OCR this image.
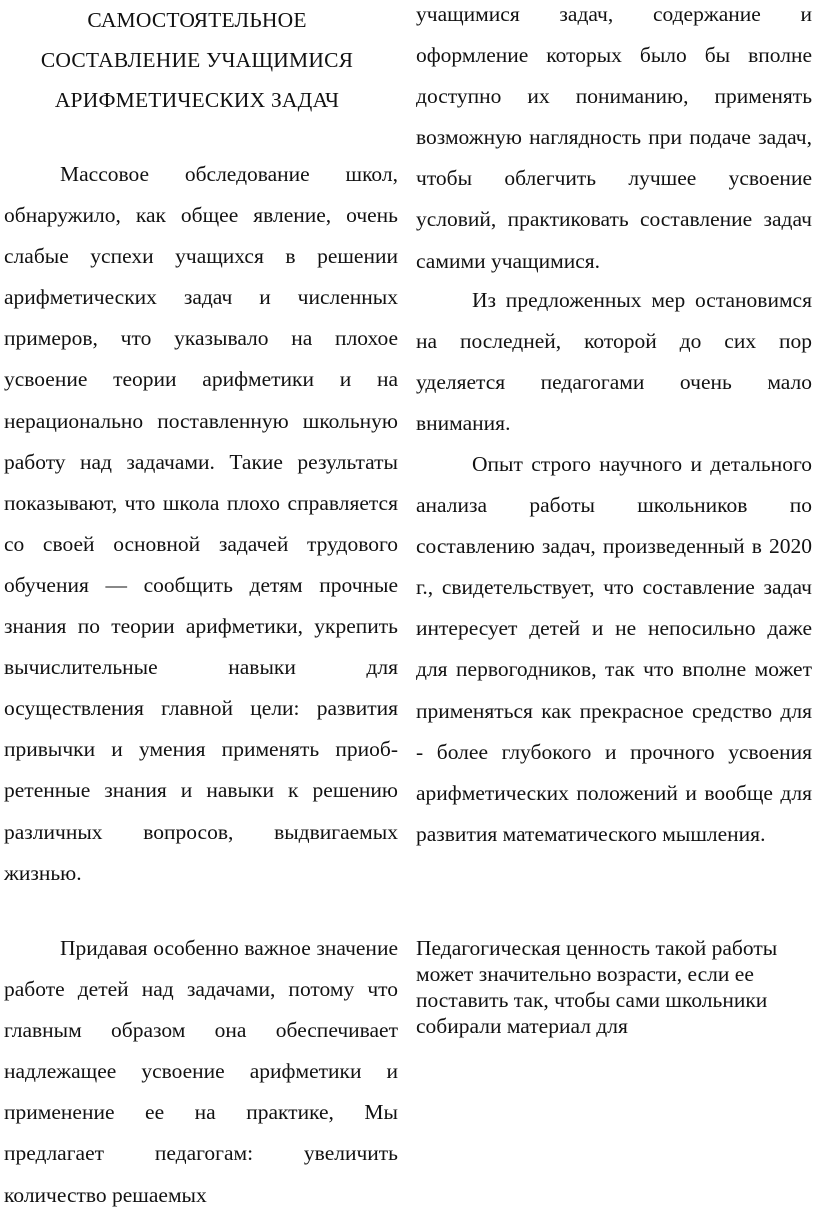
САМОСТОЯТЕЛЬНОЕ

СОСТАВЛЕНИЕ УЧАЩИМИСЯ

АРИФМЕТИЧЕСКИХ ЗАДАЧ

Массовое обследование школ, обнаружило, как общее явление, очень слабые успехи учащихся в решении арифметических задач и численных примеров, что указывало на плохое усвоение теории арифметики и на нерационально поставленную школьную работу над задачами. Такие результаты показывают, что школа плохо справляется со своей основной задачей трудового обучения — сообщить детям прочные знания по теории арифметики, укрепить вычислительные навыки для осуществления главной цели: развития привычки и умения применять приобретенные знания и навыки к решению различных вопросов, выдвигаемых жизнью.

Придавая особенно важное значение работе детей над задачами, потому что главным образом она обеспечивает надлежащее усвоение арифметики и применение ее на практике, Мы предлагает педагогам: увеличить количество решаемых

учащимися задач, содержание и оформление которых было бы вполне доступно их пониманию, применять возможную наглядность при подаче задач, чтобы облегчить лучшее усвоение условий, практиковать составление задач самими учащимися.

Из предложенных мер остановимся на последней, которой до сих пор уделяется педагогами очень мало внимания.

Опыт строго научного и детального анализа работы школьников по составлению задач, произведенный в 2020 г., свидетельствует, что составление задач интересует детей и не непосильно даже для первогодников, так что вполне может применяться как прекрасное средство для - более глубокого и прочного усвоения арифметических положений и вообще для развития математического мышления.

Педагогическая ценность такой работы может значительно возрасти, если ее поставить так, чтобы сами школьники собирали материал для
